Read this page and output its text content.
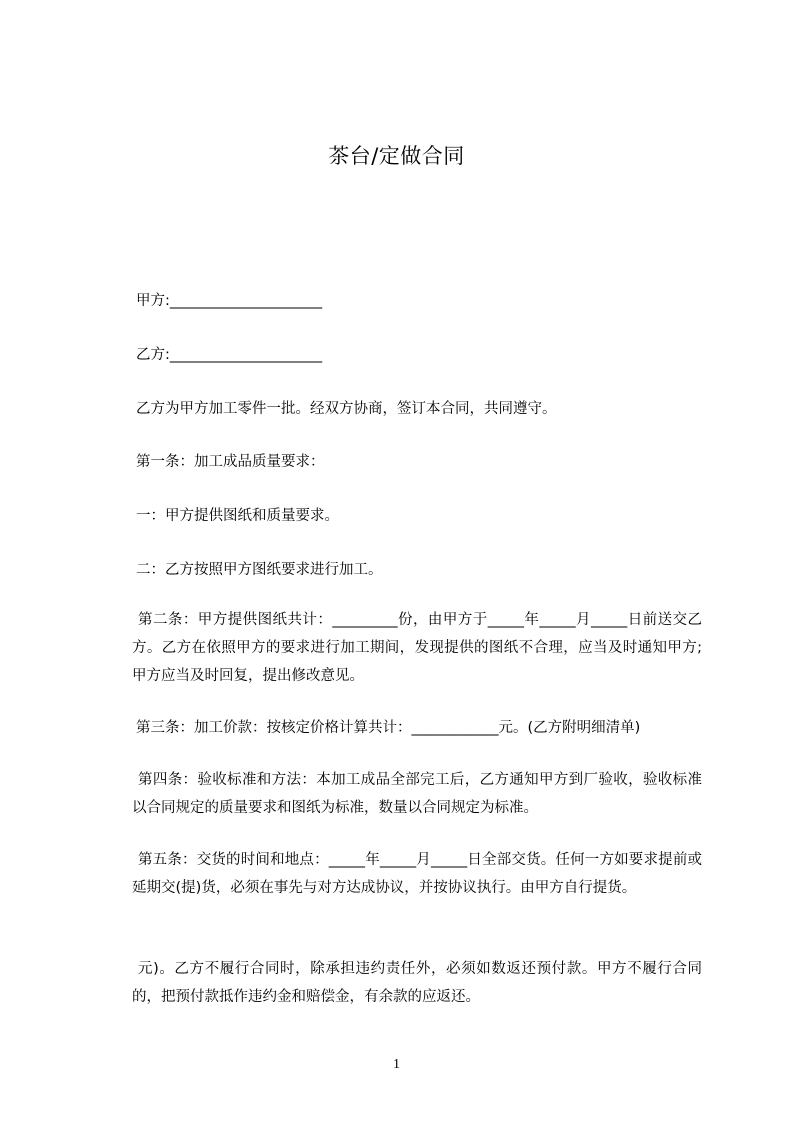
茶台/定做合同
甲方:_____________________
乙方:_____________________
乙方为甲方加工零件一批。经双方协商，签订本合同，共同遵守。
第一条：加工成品质量要求：
一：甲方提供图纸和质量要求。
二：乙方按照甲方图纸要求进行加工。
第二条：甲方提供图纸共计：_________份，由甲方于_____年_____月_____日前送交乙方。乙方在依照甲方的要求进行加工期间，发现提供的图纸不合理，应当及时通知甲方;甲方应当及时回复，提出修改意见。
第三条：加工价款：按核定价格计算共计：____________元。(乙方附明细清单)
第四条：验收标准和方法：本加工成品全部完工后，乙方通知甲方到厂验收，验收标准以合同规定的质量要求和图纸为标准，数量以合同规定为标准。
第五条：交货的时间和地点：_____年_____月_____日全部交货。任何一方如要求提前或延期交(提)货，必须在事先与对方达成协议，并按协议执行。由甲方自行提货。
元)。乙方不履行合同时，除承担违约责任外，必须如数返还预付款。甲方不履行合同的，把预付款抵作违约金和赔偿金，有余款的应返还。
1
